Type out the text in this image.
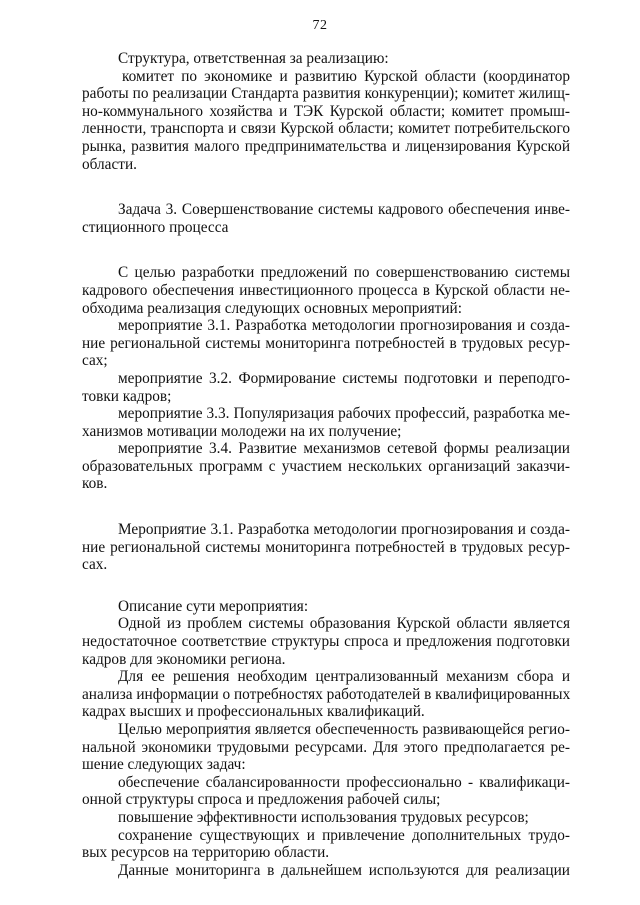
72
Структура, ответственная за реализацию:
комитет по экономике и развитию Курской области (координатор
работы по реализации Стандарта развития конкуренции); комитет жилищ-
но-коммунального хозяйства и ТЭК Курской области; комитет промыш-
ленности, транспорта и связи Курской области; комитет потребительского
рынка, развития малого предпринимательства и лицензирования Курской
области.
Задача 3. Совершенствование системы кадрового обеспечения инве-
стиционного процесса
С целью разработки предложений по совершенствованию системы
кадрового обеспечения инвестиционного процесса в Курской области не-
обходима реализация следующих основных мероприятий:
мероприятие 3.1. Разработка методологии прогнозирования и созда-
ние региональной системы мониторинга потребностей в трудовых ресур-
сах;
мероприятие 3.2. Формирование системы подготовки и переподго-
товки кадров;
мероприятие 3.3. Популяризация рабочих профессий, разработка ме-
ханизмов мотивации молодежи на их получение;
мероприятие 3.4. Развитие механизмов сетевой формы реализации
образовательных программ с участием нескольких организаций заказчи-
ков.
Мероприятие 3.1. Разработка методологии прогнозирования и созда-
ние региональной системы мониторинга потребностей в трудовых ресур-
сах.
Описание сути мероприятия:
Одной из проблем системы образования Курской области является
недостаточное соответствие структуры спроса и предложения подготовки
кадров для экономики региона.
Для ее решения необходим централизованный механизм сбора и
анализа информации о потребностях работодателей в квалифицированных
кадрах высших и профессиональных квалификаций.
Целью мероприятия является обеспеченность развивающейся регио-
нальной экономики трудовыми ресурсами. Для этого предполагается ре-
шение следующих задач:
обеспечение сбалансированности профессионально - квалификаци-
онной структуры спроса и предложения рабочей силы;
повышение эффективности использования трудовых ресурсов;
сохранение существующих и привлечение дополнительных трудо-
вых ресурсов на территорию области.
Данные мониторинга в дальнейшем используются для реализации
